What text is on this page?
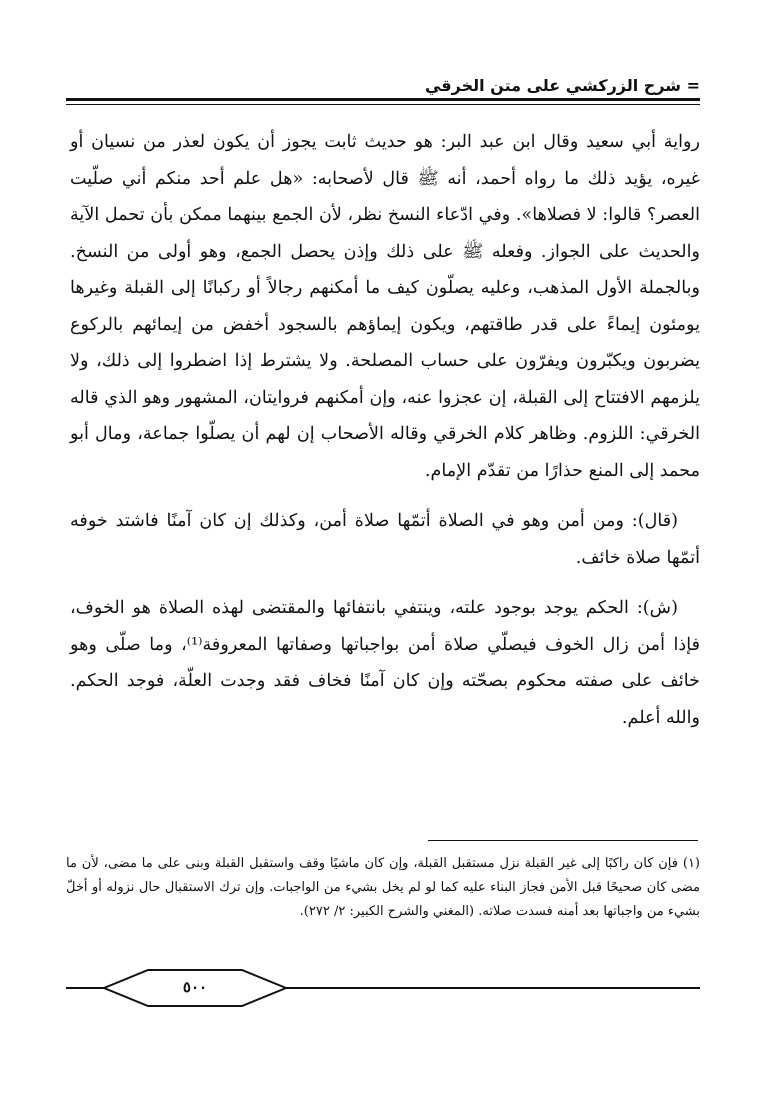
= شرح الزركشي على متن الخرقي

رواية أبي سعيد وقال ابن عبد البر: هو حديث ثابت يجوز أن يكون لعذر من نسيان أو غيره، يؤيد ذلك ما رواه أحمد، أنه ﷺ قال لأصحابه: «هل علم أحد منكم أني صلّيت العصر؟ قالوا: لا فصلاها». وفي ادّعاء النسخ نظر، لأن الجمع بينهما ممكن بأن تحمل الآية والحديث على الجواز. وفعله ﷺ على ذلك وإذن يحصل الجمع، وهو أولى من النسخ. وبالجملة الأول المذهب، وعليه يصلّون كيف ما أمكنهم رجالاً أو ركبانًا إلى القبلة وغيرها يومئون إيماءً على قدر طاقتهم، ويكون إيماؤهم بالسجود أخفض من إيمائهم بالركوع يضربون ويكبّرون ويفرّون على حساب المصلحة. ولا يشترط إذا اضطروا إلى ذلك، ولا يلزمهم الافتتاح إلى القبلة، إن عجزوا عنه، وإن أمكنهم فروايتان، المشهور وهو الذي قاله الخرقي: اللزوم. وظاهر كلام الخرقي وقاله الأصحاب إن لهم أن يصلّوا جماعة، ومال أبو محمد إلى المنع حذارًا من تقدّم الإمام.

(قال): ومن أمن وهو في الصلاة أتمّها صلاة أمن، وكذلك إن كان آمنًا فاشتد خوفه أتمّها صلاة خائف.

(ش): الحكم يوجد بوجود علته، وينتفي بانتفائها والمقتضى لهذه الصلاة هو الخوف، فإذا أمن زال الخوف فيصلّي صلاة أمن بواجباتها وصفاتها المعروفة⁽¹⁾، وما صلّى وهو خائف على صفته محكوم بصحّته وإن كان آمنًا فخاف فقد وجدت العلّة، فوجد الحكم. والله أعلم.

(١) فإن كان راكبًا إلى غير القبلة نزل مستقبل القبلة، وإن كان ماشيًا وقف واستقبل القبلة وبنى على ما مضى، لأن ما مضى كان صحيحًا قبل الأمن فجاز البناء عليه كما لو لم يخل بشيء من الواجبات. وإن ترك الاستقبال حال نزوله أو أخلّ بشيء من واجباتها بعد أمنه فسدت صلاته. (المغني والشرح الكبير: ٢/ ٢٧٢).
٥٠٠
